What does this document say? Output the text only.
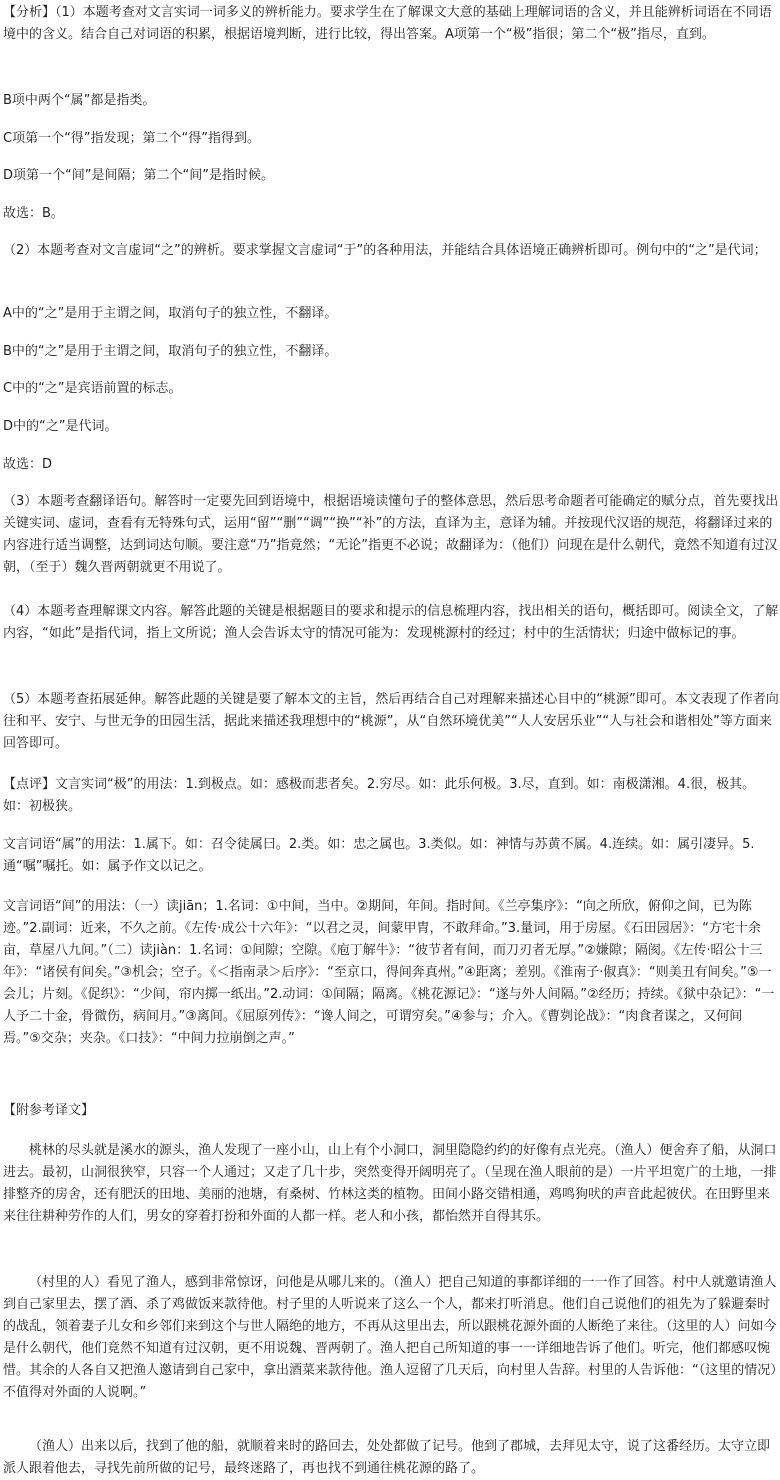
【分析】（1）本题考查对文言实词一词多义的辨析能力。要求学生在了解课文大意的基础上理解词语的含义，并且能辨析词语在不同语境中的含义。结合自己对词语的积累，根据语境判断，进行比较，得出答案。A项第一个“极”指很；第二个“极”指尽，直到。

B项中两个“属”都是指类。

C项第一个“得”指发现；第二个“得”指得到。

D项第一个“间”是间隔；第二个“间”是指时候。

故选：B。

（2）本题考查对文言虚词“之”的辨析。要求掌握文言虚词“于”的各种用法，并能结合具体语境正确辨析即可。例句中的“之”是代词；

A中的“之”是用于主谓之间，取消句子的独立性，不翻译。

B中的“之”是用于主谓之间，取消句子的独立性，不翻译。

C中的“之”是宾语前置的标志。

D中的“之”是代词。

故选：D

（3）本题考查翻译语句。解答时一定要先回到语境中，根据语境读懂句子的整体意思，然后思考命题者可能确定的赋分点，首先要找出关键实词、虚词，查看有无特殊句式，运用“留”“删”“调”“换”“补”的方法，直译为主，意译为辅。并按现代汉语的规范，将翻译过来的内容进行适当调整，达到词达句顺。要注意“乃”指竟然；“无论”指更不必说；故翻译为：（他们）问现在是什么朝代，竟然不知道有过汉朝，（至于）魏久晋两朝就更不用说了。

（4）本题考查理解课文内容。解答此题的关键是根据题目的要求和提示的信息梳理内容，找出相关的语句，概括即可。阅读全文，了解内容，“如此”是指代词，指上文所说；渔人会告诉太守的情况可能为：发现桃源村的经过；村中的生活情状；归途中做标记的事。

（5）本题考查拓展延伸。解答此题的关键是要了解本文的主旨，然后再结合自己对理解来描述心目中的“桃源”即可。本文表现了作者向往和平、安宁、与世无争的田园生活，据此来描述我理想中的“桃源”，从“自然环境优美”“人人安居乐业”“人与社会和谐相处”等方面来回答即可。

【点评】文言实词“极”的用法：1.到极点。如：感极而悲者矣。2.穷尽。如：此乐何极。3.尽，直到。如：南极潇湘。4.很，极其。如：初极狭。

文言词语“属”的用法：1.属下。如：召令徒属曰。2.类。如：忠之属也。3.类似。如：神情与苏黄不属。4.连续。如：属引凄异。5.通“嘱”嘱托。如：属予作文以记之。

文言词语“间”的用法：（一）读jiān；1.名词：①中间，当中。②期间，年间。指时间。《兰亭集序》：“向之所欣，俯仰之间，已为陈迹。”2.副词：近来，不久之前。《左传·成公十六年》：“以君之灵，间蒙甲胄，不敢拜命。”3.量词，用于房屋。《石田园居》：“方宅十余亩，草屋八九间。”（二）读jiàn：1.名词：①间隙；空隙。《庖丁解牛》：“彼节者有间，而刀刃者无厚。”②嫌隙；隔阂。《左传·昭公十三年》：“诸侯有间矣。”③机会；空子。《＜指南录＞后序》：“至京口，得间奔真州。”④距离；差别。《淮南子·俶真》：“则美丑有间矣。”⑤一会儿；片刻。《促织》：“少间，帘内掷一纸出。”2.动词：①间隔；隔离。《桃花源记》：“遂与外人间隔。”②经历；持续。《狱中杂记》：“一人予二十金，骨微伤，病间月。”③离间。《屈原列传》：“谗人间之，可谓穷矣。”④参与；介入。《曹刿论战》：“肉食者谋之，又何间焉。”⑤交杂；夹杂。《口技》：“中间力拉崩倒之声。”

【附参考译文】

桃林的尽头就是溪水的源头，渔人发现了一座小山，山上有个小洞口，洞里隐隐约约的好像有点光亮。（渔人）便舍弃了船，从洞口进去。最初，山洞很狭窄，只容一个人通过；又走了几十步，突然变得开阔明亮了。（呈现在渔人眼前的是）一片平坦宽广的土地，一排排整齐的房舍，还有肥沃的田地、美丽的池塘，有桑树、竹林这类的植物。田间小路交错相通，鸡鸣狗吠的声音此起彼伏。在田野里来来往往耕种劳作的人们，男女的穿着打扮和外面的人都一样。老人和小孩，都怡然并自得其乐。

（村里的人）看见了渔人，感到非常惊讶，问他是从哪儿来的。（渔人）把自己知道的事都详细的一一作了回答。村中人就邀请渔人到自己家里去，摆了酒、杀了鸡做饭来款待他。村子里的人听说来了这么一个人，都来打听消息。他们自己说他们的祖先为了躲避秦时的战乱，领着妻子儿女和乡邻们来到这个与世人隔绝的地方，不再从这里出去，所以跟桃花源外面的人断绝了来往。（这里的人）问如今是什么朝代，他们竟然不知道有过汉朝，更不用说魏、晋两朝了。渔人把自己所知道的事一一详细地告诉了他们。听完，他们都感叹惋惜。其余的人各自又把渔人邀请到自己家中，拿出酒菜来款待他。渔人逗留了几天后，向村里人告辞。村里的人告诉他：“（这里的情况）不值得对外面的人说啊。”

（渔人）出来以后，找到了他的船，就顺着来时的路回去，处处都做了记号。他到了郡城，去拜见太守，说了这番经历。太守立即派人跟着他去，寻找先前所做的记号，最终迷路了，再也找不到通往桃花源的路了。
